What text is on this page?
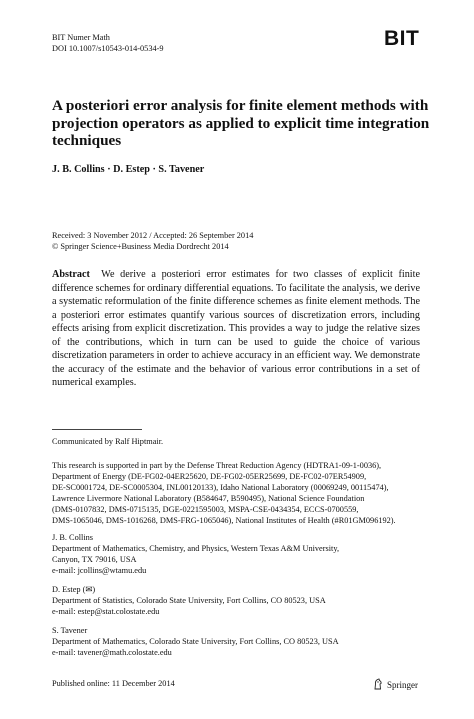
BIT Numer Math
DOI 10.1007/s10543-014-0534-9	BIT
A posteriori error analysis for finite element methods with projection operators as applied to explicit time integration techniques
J. B. Collins · D. Estep · S. Tavener
Received: 3 November 2012 / Accepted: 26 September 2014
© Springer Science+Business Media Dordrecht 2014
Abstract We derive a posteriori error estimates for two classes of explicit finite difference schemes for ordinary differential equations. To facilitate the analysis, we derive a systematic reformulation of the finite difference schemes as finite element methods. The a posteriori error estimates quantify various sources of discretization errors, including effects arising from explicit discretization. This provides a way to judge the relative sizes of the contributions, which in turn can be used to guide the choice of various discretization parameters in order to achieve accuracy in an efficient way. We demonstrate the accuracy of the estimate and the behavior of various error contributions in a set of numerical examples.
Communicated by Ralf Hiptmair.
This research is supported in part by the Defense Threat Reduction Agency (HDTRA1-09-1-0036),
Department of Energy (DE-FG02-04ER25620, DE-FG02-05ER25699, DE-FC02-07ER54909,
DE-SC0001724, DE-SC0005304, INL00120133), Idaho National Laboratory (00069249, 00115474),
Lawrence Livermore National Laboratory (B584647, B590495), National Science Foundation
(DMS-0107832, DMS-0715135, DGE-0221595003, MSPA-CSE-0434354, ECCS-0700559,
DMS-1065046, DMS-1016268, DMS-FRG-1065046), National Institutes of Health (#R01GM096192).
J. B. Collins
Department of Mathematics, Chemistry, and Physics, Western Texas A&M University,
Canyon, TX 79016, USA
e-mail: jcollins@wtamu.edu
D. Estep (✉)
Department of Statistics, Colorado State University, Fort Collins, CO 80523, USA
e-mail: estep@stat.colostate.edu
S. Tavener
Department of Mathematics, Colorado State University, Fort Collins, CO 80523, USA
e-mail: tavener@math.colostate.edu
Published online: 11 December 2014	Springer
